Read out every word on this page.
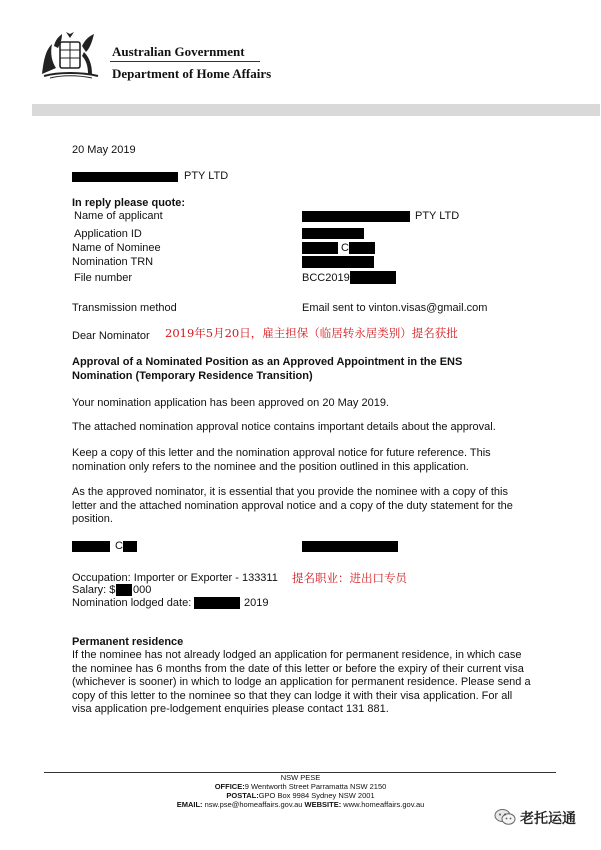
Australian Government
Department of Home Affairs
20 May 2019
PTY LTD
In reply please quote:
Name of applicant	PTY LTD
Application ID
Name of Nominee	C
Nomination TRN
File number	BCC2019
Transmission method	Email sent to vinton.visas@gmail.com
Dear Nominator 2019年5月20日，雇主担保（临居转永居类别）提名获批
Approval of a Nominated Position as an Approved Appointment in the ENS
Nomination (Temporary Residence Transition)
Your nomination application has been approved on 20 May 2019.
The attached nomination approval notice contains important details about the approval.
Keep a copy of this letter and the nomination approval notice for future reference. This nomination only refers to the nominee and the position outlined in this application.
As the approved nominator, it is essential that you provide the nominee with a copy of this letter and the attached nomination approval notice and a copy of the duty statement for the position.
C
Occupation: Importer or Exporter - 133311 提名职业：进出口专员
Salary: $ 000
Nomination lodged date:	2019
Permanent residence
If the nominee has not already lodged an application for permanent residence, in which case the nominee has 6 months from the date of this letter or before the expiry of their current visa (whichever is sooner) in which to lodge an application for permanent residence. Please send a copy of this letter to the nominee so that they can lodge it with their visa application. For all visa application pre-lodgement enquiries please contact 131 881.
NSW PESE
OFFICE:9 Wentworth Street Parramatta NSW 2150
POSTAL:GPO Box 9984 Sydney NSW 2001
EMAIL: nsw.pse@homeaffairs.gov.au WEBSITE: www.homeaffairs.gov.au
老托运通
